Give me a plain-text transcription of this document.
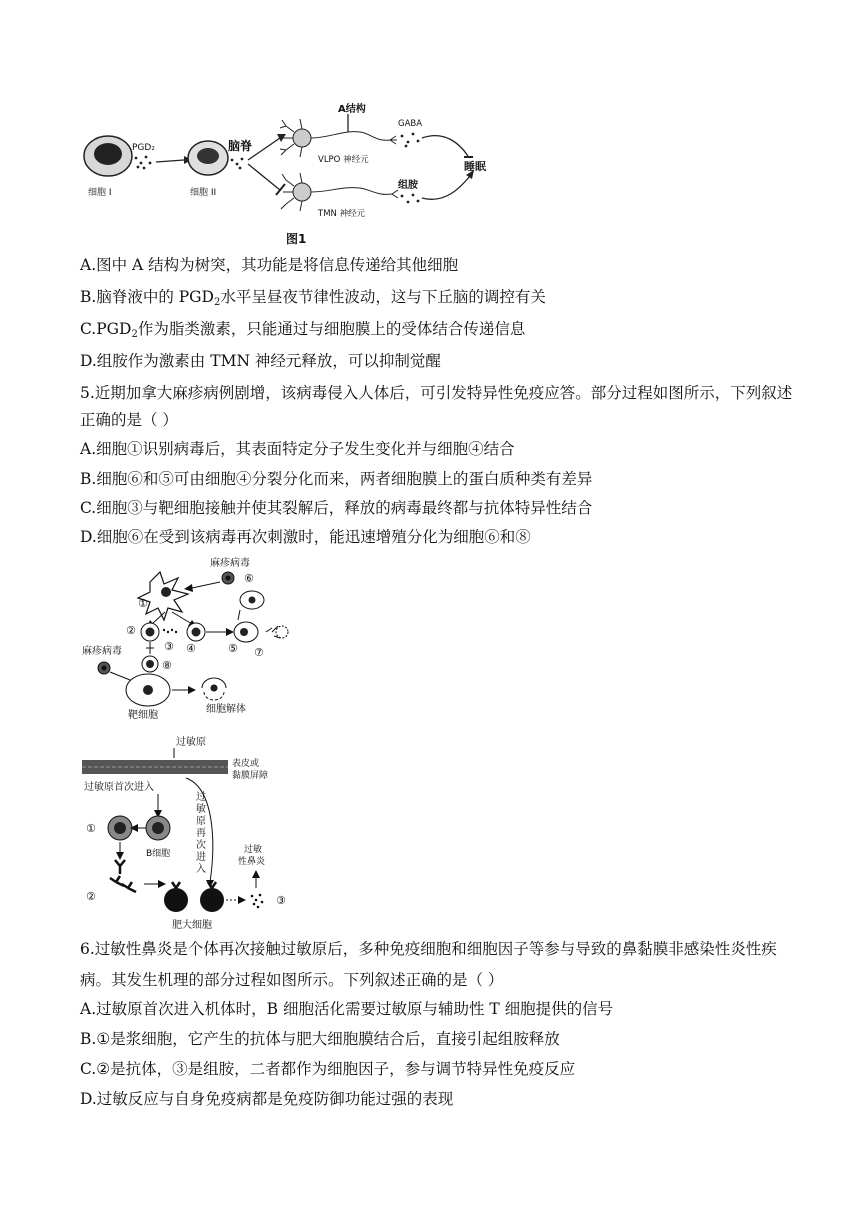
细胞 I
PGD₂
细胞 II
脑脊
A结构
VLPO 神经元
GABA
TMN 神经元
组胺
睡眠
图1
A.图中 A 结构为树突，其功能是将信息传递给其他细胞
B.脑脊液中的 $PGD_2$水平呈昼夜节律性波动，这与下丘脑的调控有关
$C.PGD_2$作为脂类激素，只能通过与细胞膜上的受体结合传递信息
D.组胺作为激素由 TMN 神经元释放，可以抑制觉醒
5.近期加拿大麻疹病例剧增，该病毒侵入人体后，可引发特异性免疫应答。部分过程如图所示，下列叙述
正确的是（ ）
A.细胞①识别病毒后，其表面特定分子发生变化并与细胞④结合
B.细胞⑥和⑤可由细胞④分裂分化而来，两者细胞膜上的蛋白质种类有差异
C.细胞③与靶细胞接触并使其裂解后，释放的病毒最终都与抗体特异性结合
D.细胞⑥在受到该病毒再次刺激时，能迅速增殖分化为细胞⑥和⑧
麻疹病毒
①
⑥
②
③ ④	⑤ ⑦
麻疹病毒
⑧
靶细胞
细胞解体
过敏原
表皮或
黏膜屏障
过敏原首次进入
过
敏
原
再
次
进
入
①
B细胞
②
肥大细胞
过敏
性鼻炎
③
6.过敏性鼻炎是个体再次接触过敏原后，多种免疫细胞和细胞因子等参与导致的鼻黏膜非感染性炎性疾
病。其发生机理的部分过程如图所示。下列叙述正确的是（ ）
A.过敏原首次进入机体时，B 细胞活化需要过敏原与辅助性 T 细胞提供的信号
B.①是浆细胞，它产生的抗体与肥大细胞膜结合后，直接引起组胺释放
C.②是抗体，③是组胺，二者都作为细胞因子，参与调节特异性免疫反应
D.过敏反应与自身免疫病都是免疫防御功能过强的表现
